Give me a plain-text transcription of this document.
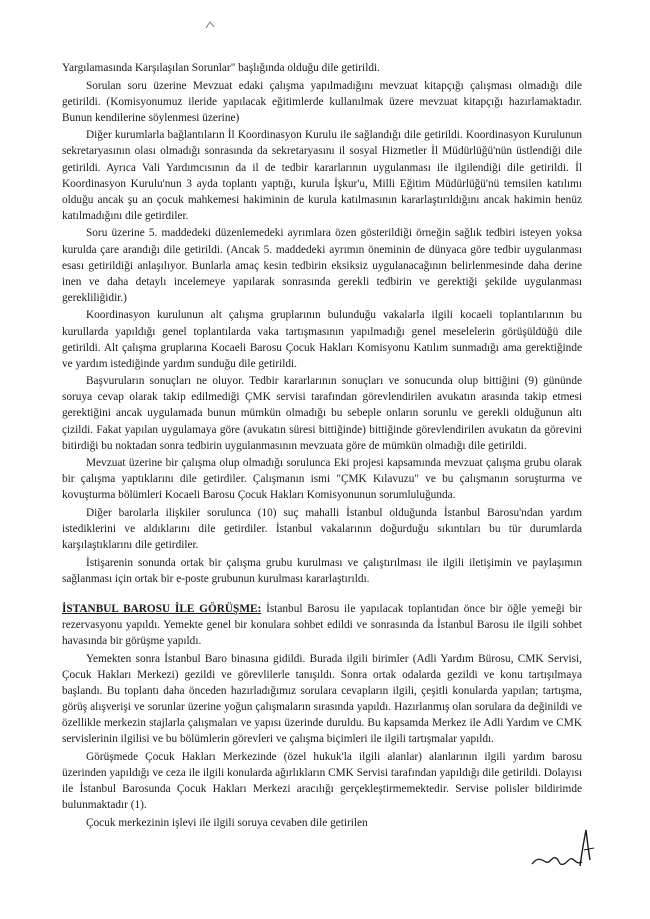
Yargılamasında Karşılaşılan Sorunlar" başlığında olduğu dile getirildi.

Sorulan soru üzerine Mevzuat edaki çalışma yapılmadığını mevzuat kitapçığı çalışması olmadığı dile getirildi. (Komisyonumuz ileride yapılacak eğitimlerde kullanılmak üzere mevzuat kitapçığı hazırlamaktadır. Bunun kendilerine söylenmesi üzerine)

Diğer kurumlarla bağlantıların İl Koordinasyon Kurulu ile sağlandığı dile getirildi. Koordinasyon Kurulunun sekretaryasının olası olmadığı sonrasında da sekretaryasını il sosyal Hizmetler İl Müdürlüğü'nün üstlendiği dile getirildi. Ayrıca Vali Yardımcısının da il de tedbir kararlarının uygulanması ile ilgilendiği dile getirildi. İl Koordinasyon Kurulu'nun 3 ayda toplantı yaptığı, kurula İşkur'u, Milli Eğitim Müdürlüğü'nü temsilen katılımı olduğu ancak şu an çocuk mahkemesi hakiminin de kurula katılmasının kararlaştırıldığını ancak hakimin henüz katılmadığını dile getirdiler.

Soru üzerine 5. maddedeki düzenlemedeki ayrımlara özen gösterildiği örneğin sağlık tedbiri isteyen yoksa kurulda çare arandığı dile getirildi. (Ancak 5. maddedeki ayrımın öneminin de dünyaca göre tedbir uygulanması esası getirildiği anlaşılıyor. Bunlarla amaç kesin tedbirin eksiksiz uygulanacağının belirlenmesinde daha derine inen ve daha detaylı incelemeye yapılarak sonrasında gerekli tedbirin ve gerektiği şekilde uygulanması gerekliliğidir.)

Koordinasyon kurulunun alt çalışma gruplarının bulunduğu vakalarla ilgili kocaeli toplantılarının bu kurullarda yapıldığı genel toplantılarda vaka tartışmasının yapılmadığı genel meselelerin görüşüldüğü dile getirildi. Alt çalışma gruplarına Kocaeli Barosu Çocuk Hakları Komisyonu Katılım sunmadığı ama gerektiğinde ve yardım istediğinde yardım sunduğu dile getirildi.

Başvuruların sonuçları ne oluyor. Tedbir kararlarının sonuçları ve sonucunda olup bittiğini (9) gününde soruya cevap olarak takip edilmediği ÇMK servisi tarafından görevlendirilen avukatın arasında takip etmesi gerektiğini ancak uygulamada bunun mümkün olmadığı bu sebeple onların sorunlu ve gerekli olduğunun altı çizildi. Fakat yapılan uygulamaya göre (avukatın süresi bittiğinde) bittiğinde görevlendirilen avukatın da görevini bitirdiği bu noktadan sonra tedbirin uygulanmasının mevzuata göre de mümkün olmadığı dile getirildi.

Mevzuat üzerine bir çalışma olup olmadığı sorulunca Eki projesi kapsamında mevzuat çalışma grubu olarak bir çalışma yaptıklarını dile getirdiler. Çalışmanın ismi "ÇMK Kılavuzu" ve bu çalışmanın soruşturma ve kovuşturma bölümleri Kocaeli Barosu Çocuk Hakları Komisyonunun sorumluluğunda.

Diğer barolarla ilişkiler sorulunca (10) suç mahalli İstanbul olduğunda İstanbul Barosu'ndan yardım istediklerini ve aldıklarını dile getirdiler. İstanbul vakalarının doğurduğu sıkıntıları bu tür durumlarda karşılaştıklarını dile getirdiler.

İstişarenin sonunda ortak bir çalışma grubu kurulması ve çalıştırılması ile ilgili iletişimin ve paylaşımın sağlanması için ortak bir e-poste grubunun kurulması kararlaştırıldı.

İSTANBUL BAROSU İLE GÖRÜŞME: İstanbul Barosu ile yapılacak toplantıdan önce bir öğle yemeği bir rezervasyonu yapıldı. Yemekte genel bir konulara sohbet edildi ve sonrasında da İstanbul Barosu ile ilgili sohbet havasında bir görüşme yapıldı.

Yemekten sonra İstanbul Baro binasına gidildi. Burada ilgili birimler (Adli Yardım Bürosu, CMK Servisi, Çocuk Hakları Merkezi) gezildi ve görevlilerle tanışıldı. Sonra ortak odalarda gezildi ve konu tartışılmaya başlandı. Bu toplantı daha önceden hazırladığımız sorulara cevapların ilgili, çeşitli konularda yapılan; tartışma, görüş alışverişi ve sorunlar üzerine yoğun çalışmaların sırasında yapıldı. Hazırlanmış olan sorulara da değinildi ve özellikle merkezin stajlarla çalışmaları ve yapısı üzerinde duruldu. Bu kapsamda Merkez ile Adli Yardım ve CMK servislerinin ilgilisi ve bu bölümlerin görevleri ve çalışma biçimleri ile ilgili tartışmalar yapıldı.

Görüşmede Çocuk Hakları Merkezinde (özel hukuk'la ilgili alanlar) alanlarının ilgili yardım barosu üzerinden yapıldığı ve ceza ile ilgili konularda ağırlıkların CMK Servisi tarafından yapıldığı dile getirildi. Dolayısı ile İstanbul Barosunda Çocuk Hakları Merkezi aracılığı gerçekleştirmemektedir. Servise polisler bildirimde bulunmaktadır (1).

Çocuk merkezinin işlevi ile ilgili soruya cevaben dile getirilen
